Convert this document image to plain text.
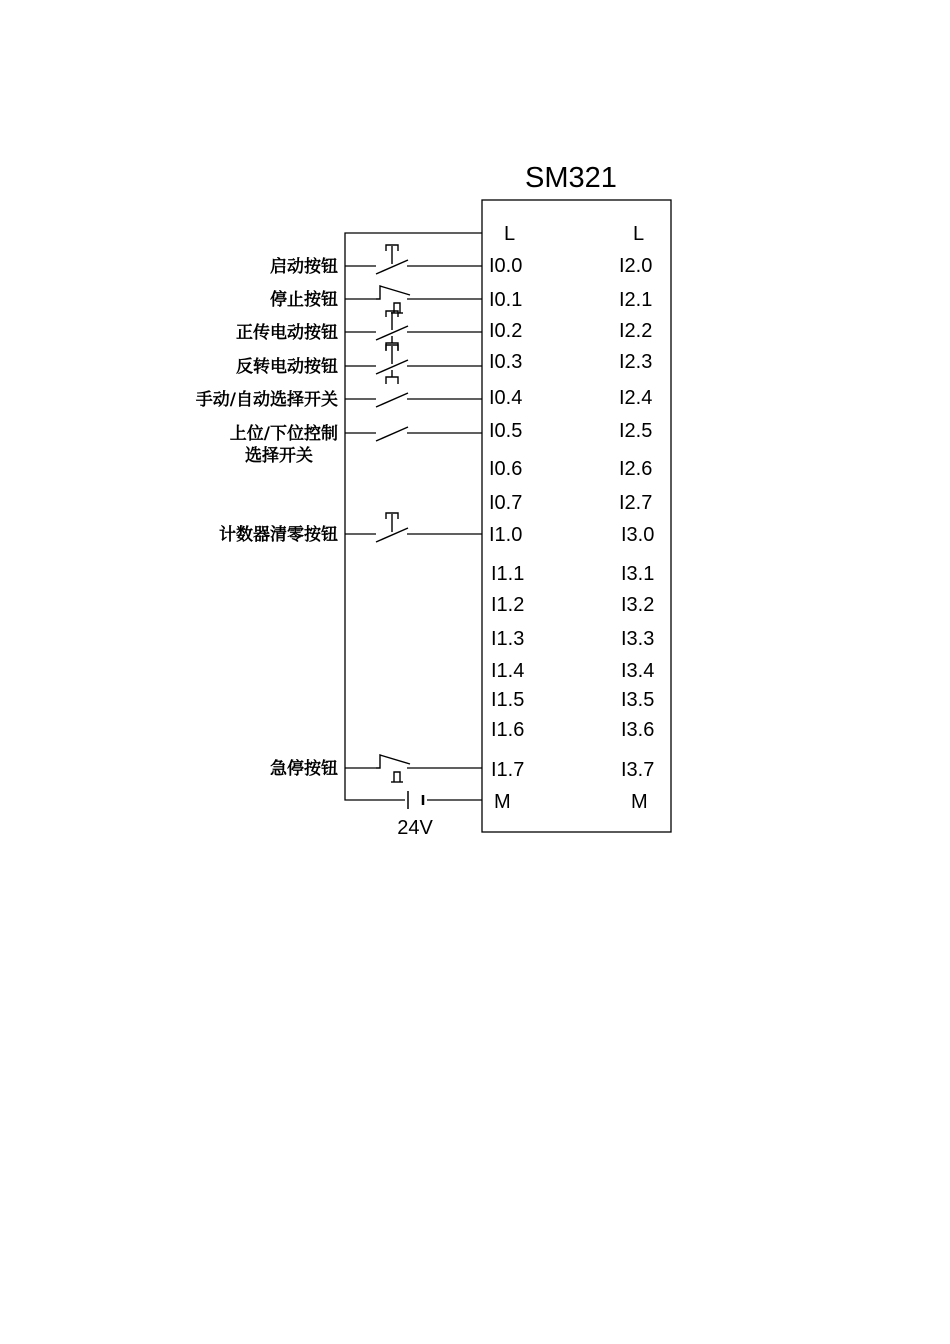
SM321
L
I0.0
I0.1
I0.2
I0.3
I0.4
I0.5
I0.6
I0.7
I1.0
I1.1
I1.2
I1.3
I1.4
I1.5
I1.6
I1.7
M
L
I2.0
I2.1
I2.2
I2.3
I2.4
I2.5
I2.6
I2.7
I3.0
I3.1
I3.2
I3.3
I3.4
I3.5
I3.6
I3.7
M
24V
启动按钮
停止按钮
正传电动按钮
反转电动按钮
手动/自动选择开关
上位/下位控制
选择开关
计数器清零按钮
急停按钮
